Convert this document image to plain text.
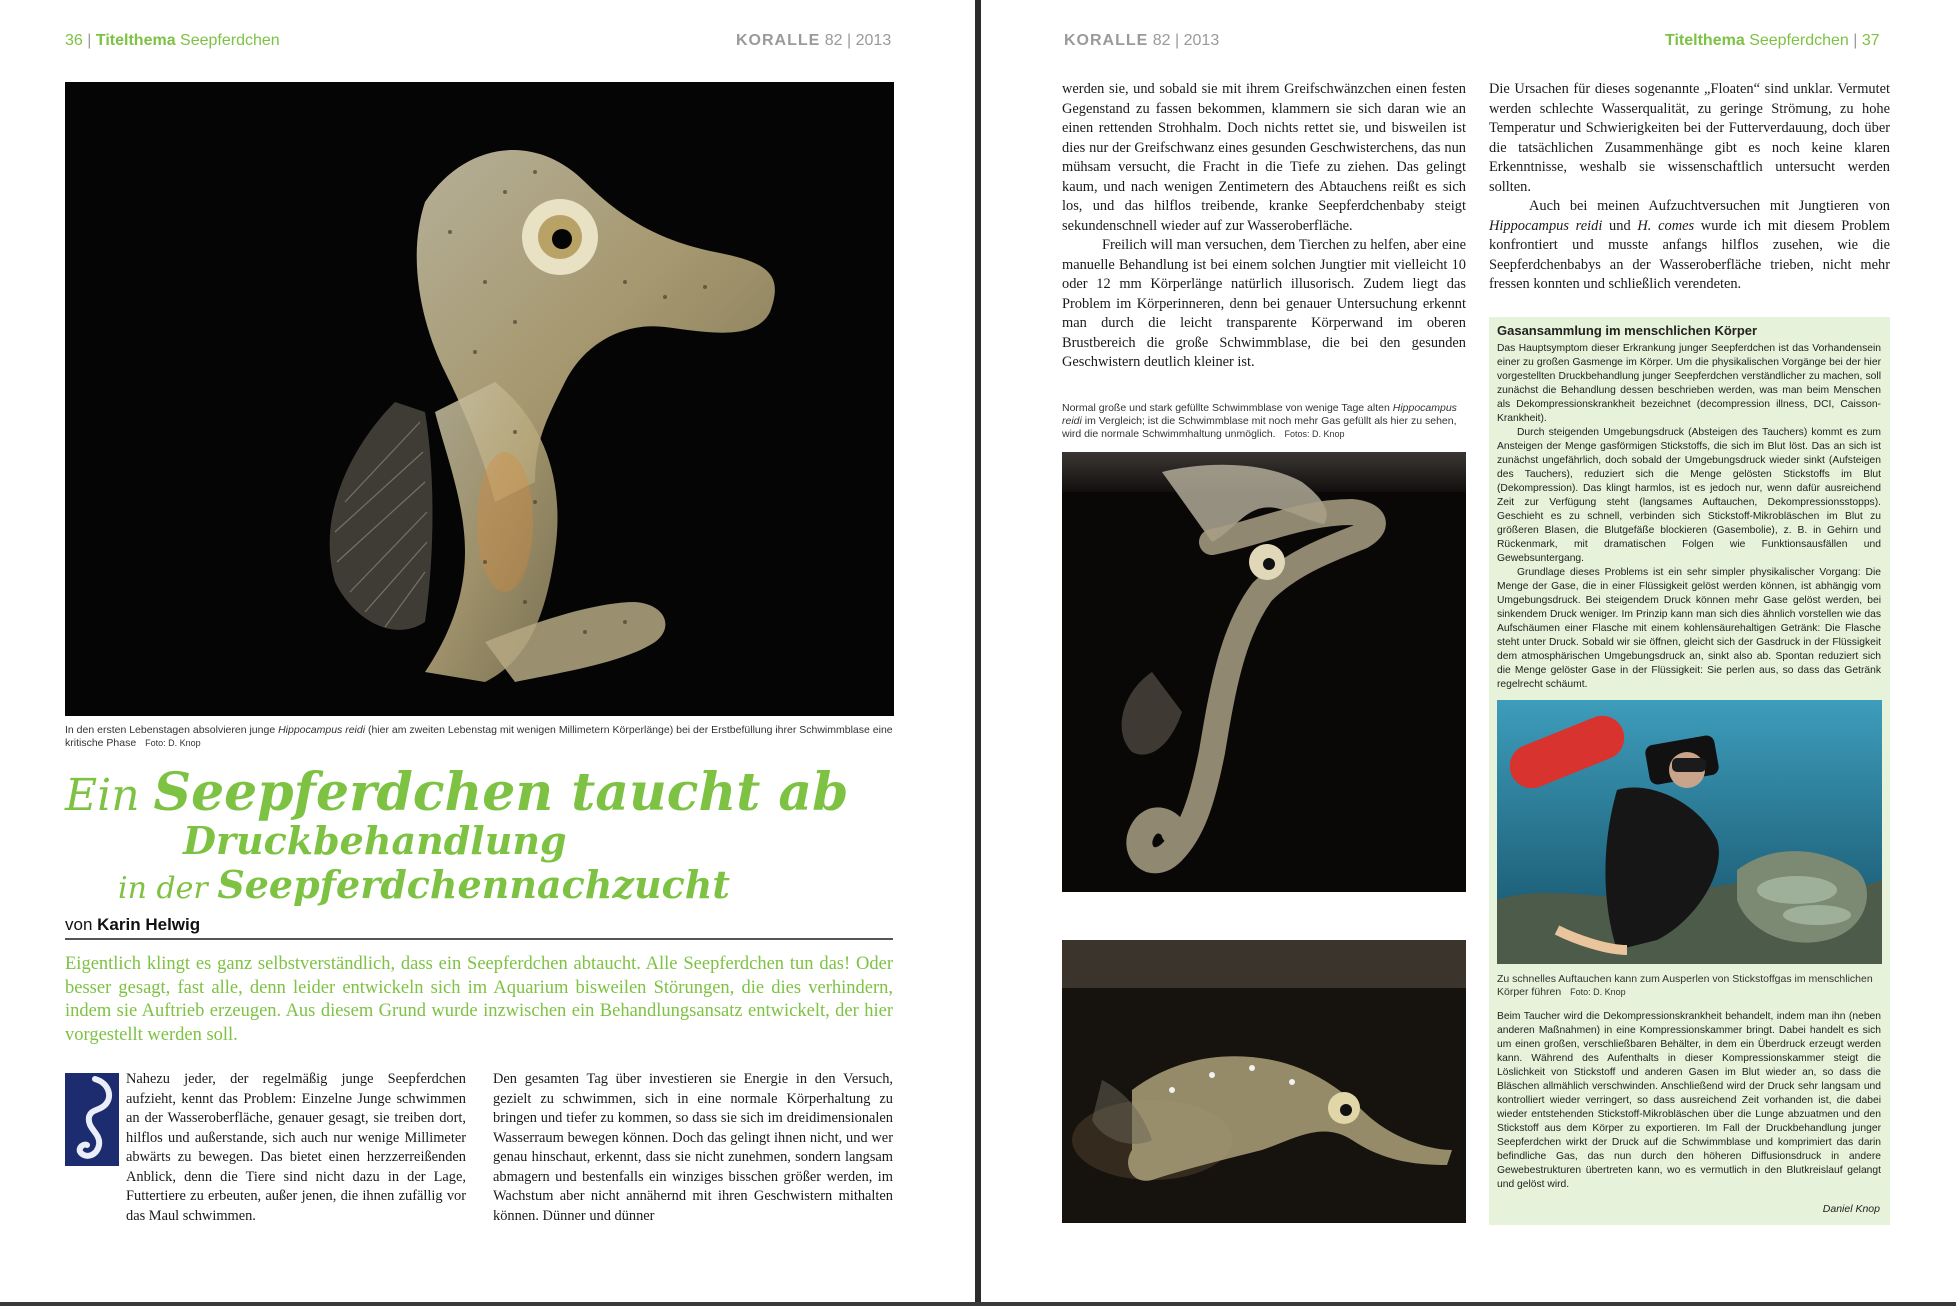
36 | Titelthema Seepferdchen	KORALLE 82 | 2013
In den ersten Lebenstagen absolvieren junge Hippocampus reidi (hier am zweiten Lebenstag mit wenigen Millimetern Körperlänge) bei der Erstbefüllung ihrer Schwimmblase eine kritische Phase Foto: D. Knop
Ein Seepferdchen taucht ab
Druckbehandlung
in der Seepferdchennachzucht
von Karin Helwig
Eigentlich klingt es ganz selbstverständlich, dass ein Seepferdchen abtaucht. Alle Seepferdchen tun das! Oder besser gesagt, fast alle, denn leider entwickeln sich im Aquarium bisweilen Störungen, die dies verhindern, indem sie Auftrieb erzeugen. Aus diesem Grund wurde inzwischen ein Behandlungsansatz entwickelt, der hier vorgestellt werden soll.

Nahezu jeder, der regelmäßig junge Seepferdchen aufzieht, kennt das Problem: Einzelne Junge schwimmen an der Wasseroberfläche, genauer gesagt, sie treiben dort, hilflos und außerstande, sich auch nur wenige Millimeter abwärts zu bewegen. Das bietet einen herzzerreißenden Anblick, denn die Tiere sind nicht dazu in der Lage, Futtertiere zu erbeuten, außer jenen, die ihnen zufällig vor das Maul schwimmen.

Den gesamten Tag über investieren sie Energie in den Versuch, gezielt zu schwimmen, sich in eine normale Körperhaltung zu bringen und tiefer zu kommen, so dass sie sich im dreidimensionalen Wasserraum bewegen können. Doch das gelingt ihnen nicht, und wer genau hinschaut, erkennt, dass sie nicht zunehmen, sondern langsam abmagern und bestenfalls ein winziges bisschen größer werden, im Wachstum aber nicht annähernd mit ihren Geschwistern mithalten können. Dünner und dünner

KORALLE 82 | 2013	Titelthema Seepferdchen | 37

werden sie, und sobald sie mit ihrem Greifschwänzchen einen festen Gegenstand zu fassen bekommen, klammern sie sich daran wie an einen rettenden Strohhalm. Doch nichts rettet sie, und bisweilen ist dies nur der Greifschwanz eines gesunden Geschwisterchens, das nun mühsam versucht, die Fracht in die Tiefe zu ziehen. Das gelingt kaum, und nach wenigen Zentimetern des Abtauchens reißt es sich los, und das hilflos treibende, kranke Seepferdchenbaby steigt sekundenschnell wieder auf zur Wasseroberfläche.

Freilich will man versuchen, dem Tierchen zu helfen, aber eine manuelle Behandlung ist bei einem solchen Jungtier mit vielleicht 10 oder 12 mm Körperlänge natürlich illusorisch. Zudem liegt das Problem im Körperinneren, denn bei genauer Untersuchung erkennt man durch die leicht transparente Körperwand im oberen Brustbereich die große Schwimmblase, die bei den gesunden Geschwistern deutlich kleiner ist.

Normal große und stark gefüllte Schwimmblase von wenige Tage alten Hippocampus reidi im Vergleich; ist die Schwimmblase mit noch mehr Gas gefüllt als hier zu sehen, wird die normale Schwimmhaltung unmöglich. Fotos: D. Knop

Die Ursachen für dieses sogenannte „Floaten“ sind unklar. Vermutet werden schlechte Wasserqualität, zu geringe Strömung, zu hohe Temperatur und Schwierigkeiten bei der Futterverdauung, doch über die tatsächlichen Zusammenhänge gibt es noch keine klaren Erkenntnisse, weshalb sie wissenschaftlich untersucht werden sollten.

Auch bei meinen Aufzuchtversuchen mit Jungtieren von Hippocampus reidi und H. comes wurde ich mit diesem Problem konfrontiert und musste anfangs hilflos zusehen, wie die Seepferdchenbabys an der Wasseroberfläche trieben, nicht mehr fressen konnten und schließlich verendeten.

Gasansammlung im menschlichen Körper

Das Hauptsymptom dieser Erkrankung junger Seepferdchen ist das Vorhandensein einer zu großen Gasmenge im Körper. Um die physikalischen Vorgänge bei der hier vorgestellten Druckbehandlung junger Seepferdchen verständlicher zu machen, soll zunächst die Behandlung dessen beschrieben werden, was man beim Menschen als Dekompressionskrankheit bezeichnet (decompression illness, DCI, Caisson-Krankheit).

Durch steigenden Umgebungsdruck (Absteigen des Tauchers) kommt es zum Ansteigen der Menge gasförmigen Stickstoffs, die sich im Blut löst. Das an sich ist zunächst ungefährlich, doch sobald der Umgebungsdruck wieder sinkt (Aufsteigen des Tauchers), reduziert sich die Menge gelösten Stickstoffs im Blut (Dekompression). Das klingt harmlos, ist es jedoch nur, wenn dafür ausreichend Zeit zur Verfügung steht (langsames Auftauchen, Dekompressionsstopps). Geschieht es zu schnell, verbinden sich Stickstoff-Mikrobläschen im Blut zu größeren Blasen, die Blutgefäße blockieren (Gasembolie), z. B. in Gehirn und Rückenmark, mit dramatischen Folgen wie Funktionsausfällen und Gewebsuntergang.

Grundlage dieses Problems ist ein sehr simpler physikalischer Vorgang: Die Menge der Gase, die in einer Flüssigkeit gelöst werden können, ist abhängig vom Umgebungsdruck. Bei steigendem Druck können mehr Gase gelöst werden, bei sinkendem Druck weniger. Im Prinzip kann man sich dies ähnlich vorstellen wie das Aufschäumen einer Flasche mit einem kohlensäurehaltigen Getränk: Die Flasche steht unter Druck. Sobald wir sie öffnen, gleicht sich der Gasdruck in der Flüssigkeit dem atmosphärischen Umgebungsdruck an, sinkt also ab. Spontan reduziert sich die Menge gelöster Gase in der Flüssigkeit: Sie perlen aus, so dass das Getränk regelrecht schäumt.

Zu schnelles Auftauchen kann zum Ausperlen von Stickstoffgas im menschlichen Körper führen Foto: D. Knop

Beim Taucher wird die Dekompressionskrankheit behandelt, indem man ihn (neben anderen Maßnahmen) in eine Kompressionskammer bringt. Dabei handelt es sich um einen großen, verschließbaren Behälter, in dem ein Überdruck erzeugt werden kann. Während des Aufenthalts in dieser Kompressionskammer steigt die Löslichkeit von Stickstoff und anderen Gasen im Blut wieder an, so dass die Bläschen allmählich verschwinden. Anschließend wird der Druck sehr langsam und kontrolliert wieder verringert, so dass ausreichend Zeit vorhanden ist, die dabei wieder entstehenden Stickstoff-Mikrobläschen über die Lunge abzuatmen und den Stickstoff aus dem Körper zu exportieren. Im Fall der Druckbehandlung junger Seepferdchen wirkt der Druck auf die Schwimmblase und komprimiert das darin befindliche Gas, das nun durch den höheren Diffusionsdruck in andere Gewebestrukturen übertreten kann, wo es vermutlich in den Blutkreislauf gelangt und gelöst wird.

Daniel Knop
